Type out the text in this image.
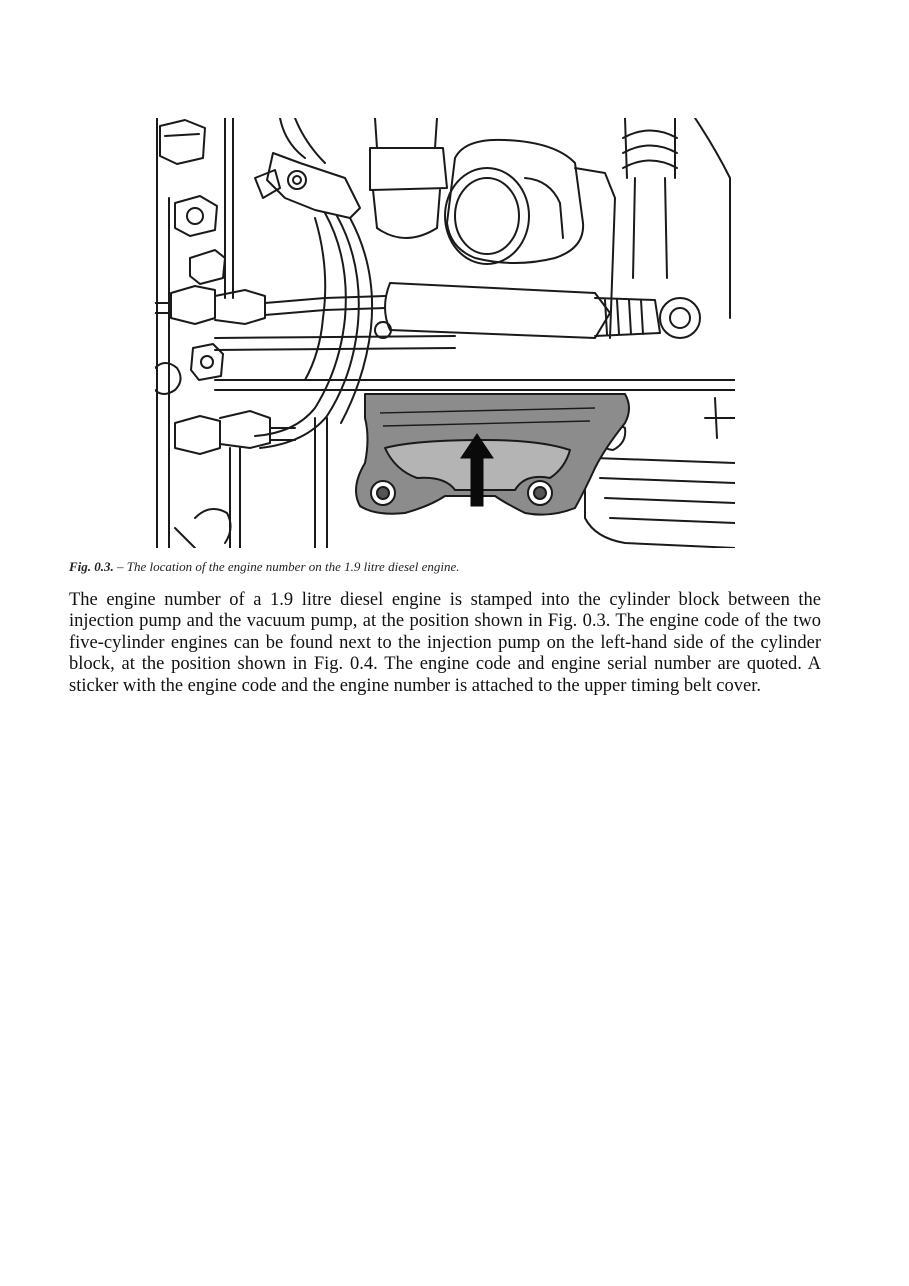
Fig. 0.3. – The location of the engine number on the 1.9 litre diesel engine.

The engine number of a 1.9 litre diesel engine is stamped into the cylinder block between the injection pump and the vacuum pump, at the position shown in Fig. 0.3. The engine code of the two five-cylinder engines can be found next to the injection pump on the left-hand side of the cylinder block, at the position shown in Fig. 0.4. The engine code and engine serial number are quoted. A sticker with the engine code and the engine number is attached to the upper timing belt cover.
